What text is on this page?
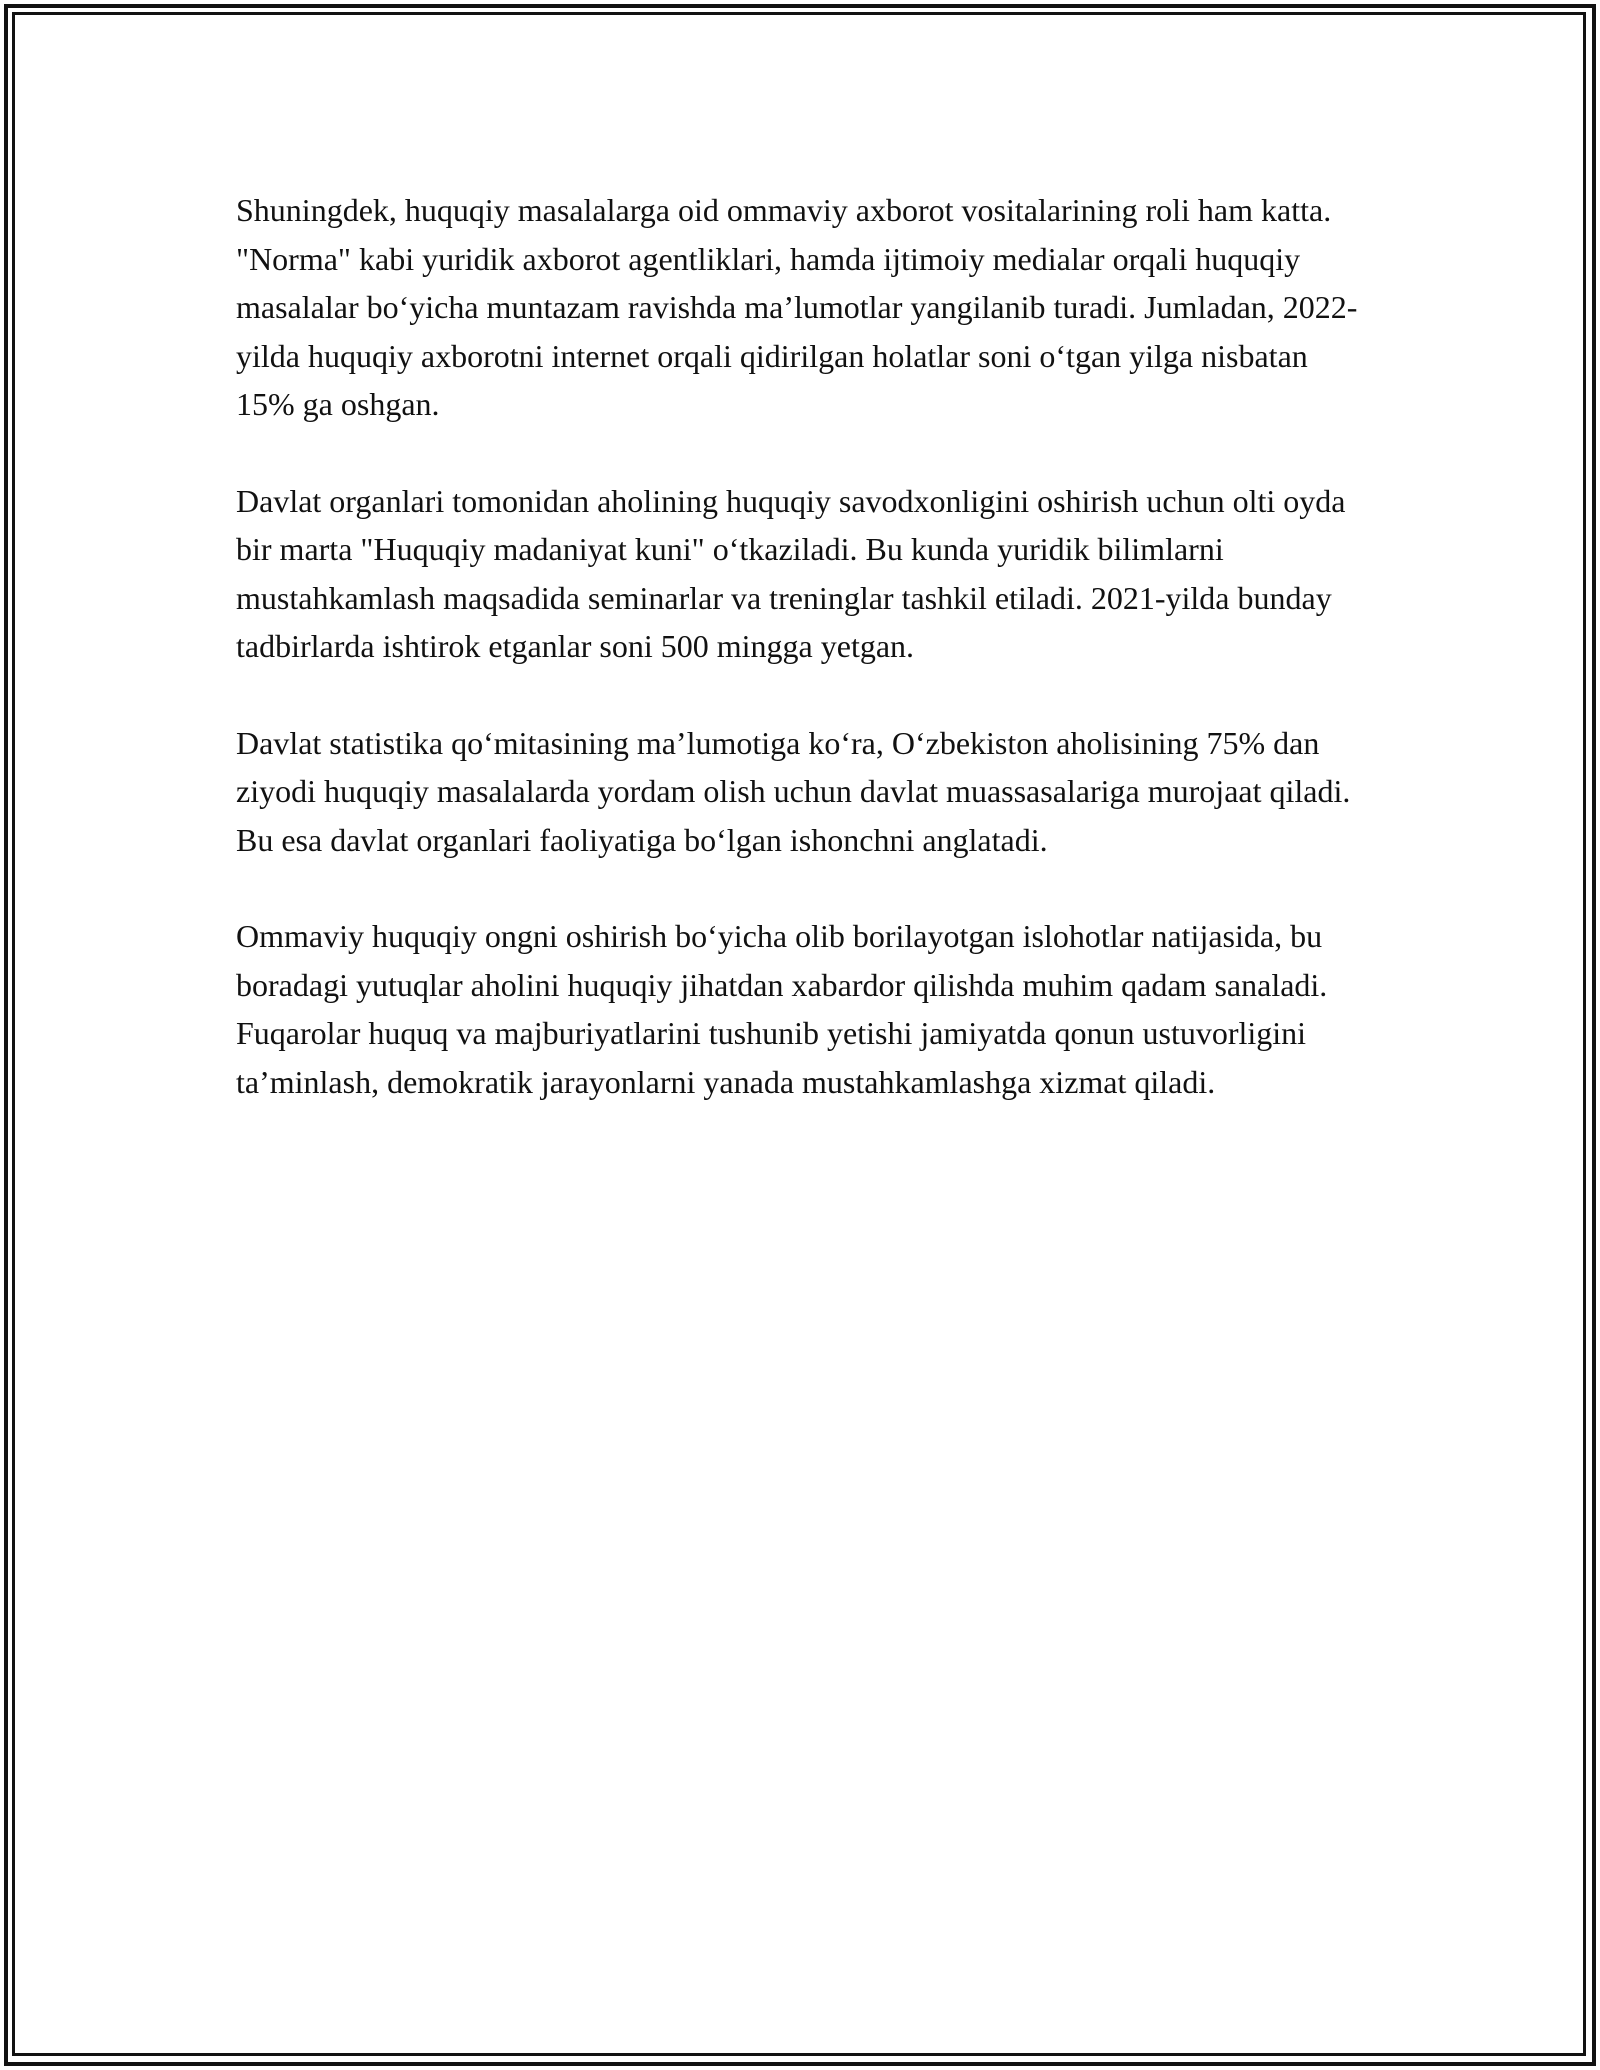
Shuningdek, huquqiy masalalarga oid ommaviy axborot vositalarining roli ham katta. "Norma" kabi yuridik axborot agentliklari, hamda ijtimoiy medialar orqali huquqiy masalalar bo‘yicha muntazam ravishda ma’lumotlar yangilanib turadi. Jumladan, 2022-yilda huquqiy axborotni internet orqali qidirilgan holatlar soni o‘tgan yilga nisbatan 15% ga oshgan.

Davlat organlari tomonidan aholining huquqiy savodxonligini oshirish uchun olti oyda bir marta "Huquqiy madaniyat kuni" o‘tkaziladi. Bu kunda yuridik bilimlarni mustahkamlash maqsadida seminarlar va treninglar tashkil etiladi. 2021-yilda bunday tadbirlarda ishtirok etganlar soni 500 mingga yetgan.

Davlat statistika qo‘mitasining ma’lumotiga ko‘ra, O‘zbekiston aholisining 75% dan ziyodi huquqiy masalalarda yordam olish uchun davlat muassasalariga murojaat qiladi. Bu esa davlat organlari faoliyatiga bo‘lgan ishonchni anglatadi.

Ommaviy huquqiy ongni oshirish bo‘yicha olib borilayotgan islohotlar natijasida, bu boradagi yutuqlar aholini huquqiy jihatdan xabardor qilishda muhim qadam sanaladi. Fuqarolar huquq va majburiyatlarini tushunib yetishi jamiyatda qonun ustuvorligini ta’minlash, demokratik jarayonlarni yanada mustahkamlashga xizmat qiladi.
